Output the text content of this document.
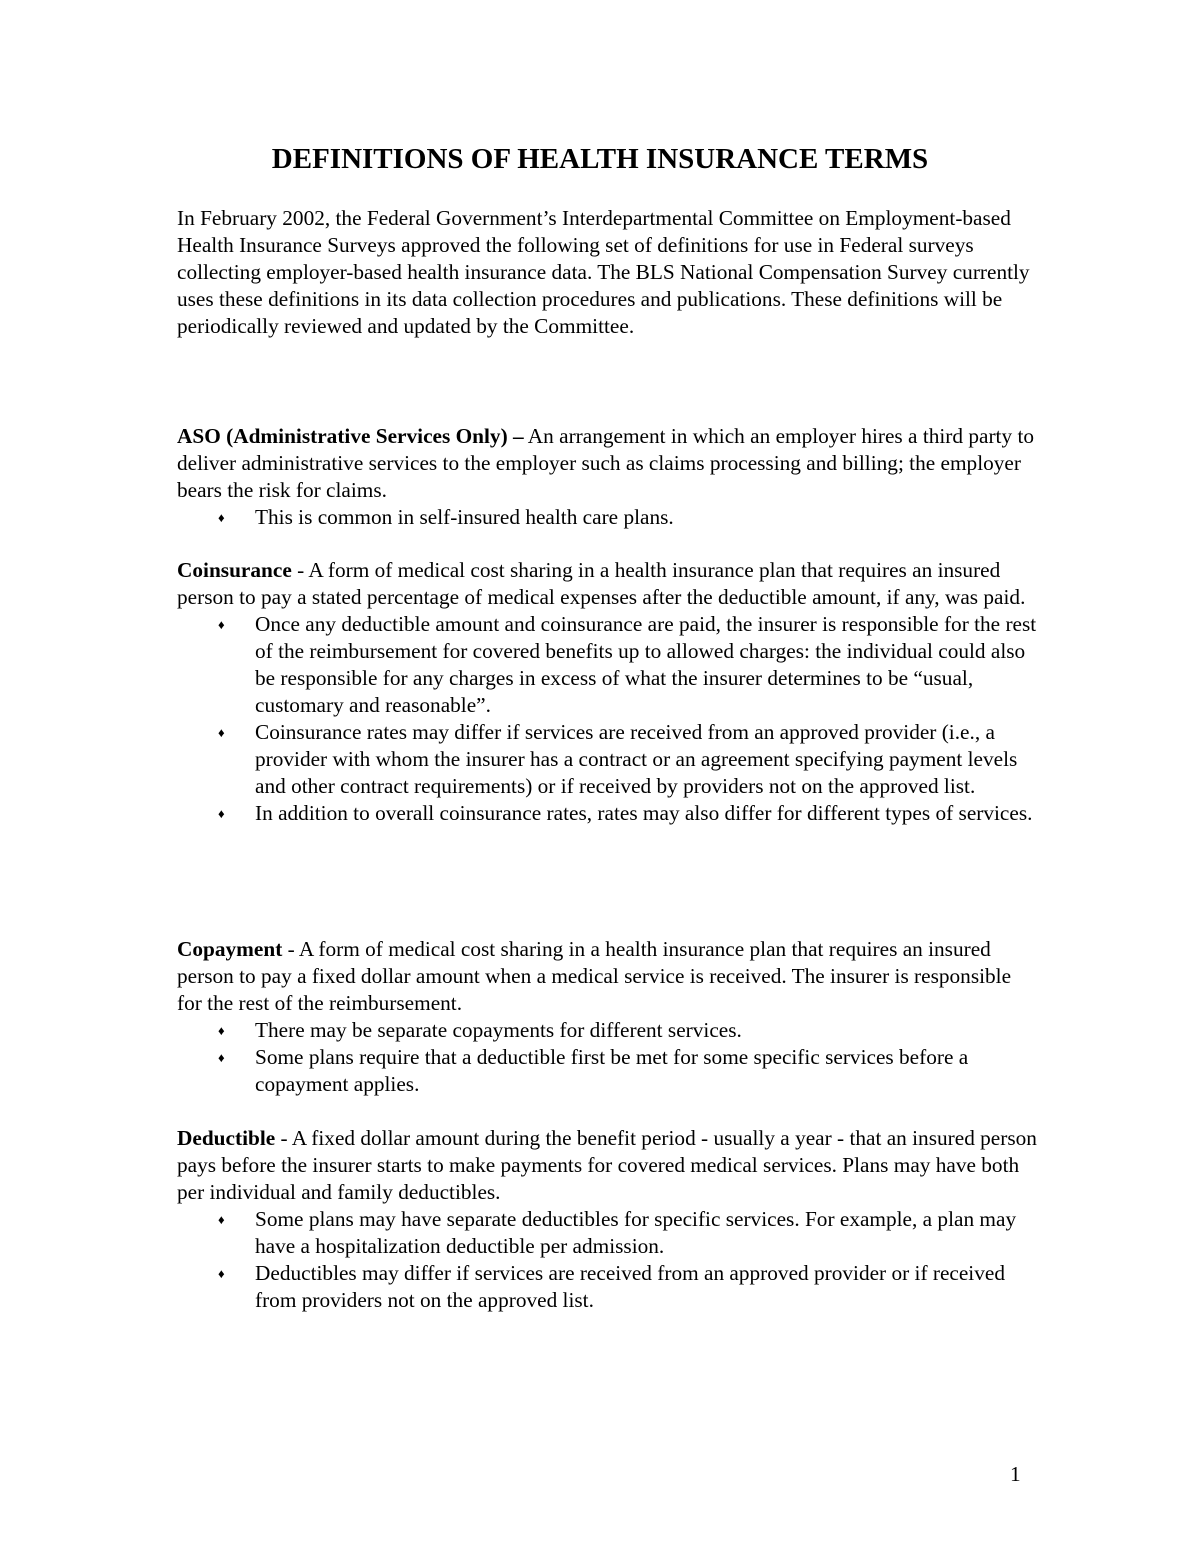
DEFINITIONS OF HEALTH INSURANCE TERMS
In February 2002, the Federal Government’s Interdepartmental Committee on Employment-based Health Insurance Surveys approved the following set of definitions for use in Federal surveys collecting employer-based health insurance data. The BLS National Compensation Survey currently uses these definitions in its data collection procedures and publications. These definitions will be periodically reviewed and updated by the Committee.

ASO (Administrative Services Only) – An arrangement in which an employer hires a third party to deliver administrative services to the employer such as claims processing and billing; the employer bears the risk for claims.

♦ This is common in self-insured health care plans.

Coinsurance - A form of medical cost sharing in a health insurance plan that requires an insured person to pay a stated percentage of medical expenses after the deductible amount, if any, was paid.

♦ Once any deductible amount and coinsurance are paid, the insurer is responsible for the rest of the reimbursement for covered benefits up to allowed charges: the individual could also be responsible for any charges in excess of what the insurer determines to be “usual, customary and reasonable”.
♦ Coinsurance rates may differ if services are received from an approved provider (i.e., a provider with whom the insurer has a contract or an agreement specifying payment levels and other contract requirements) or if received by providers not on the approved list.
♦ In addition to overall coinsurance rates, rates may also differ for different types of services.

Copayment - A form of medical cost sharing in a health insurance plan that requires an insured person to pay a fixed dollar amount when a medical service is received. The insurer is responsible for the rest of the reimbursement.

♦ There may be separate copayments for different services.
♦ Some plans require that a deductible first be met for some specific services before a copayment applies.

Deductible - A fixed dollar amount during the benefit period - usually a year - that an insured person pays before the insurer starts to make payments for covered medical services. Plans may have both per individual and family deductibles.

♦ Some plans may have separate deductibles for specific services. For example, a plan may have a hospitalization deductible per admission.
♦ Deductibles may differ if services are received from an approved provider or if received from providers not on the approved list.
1
